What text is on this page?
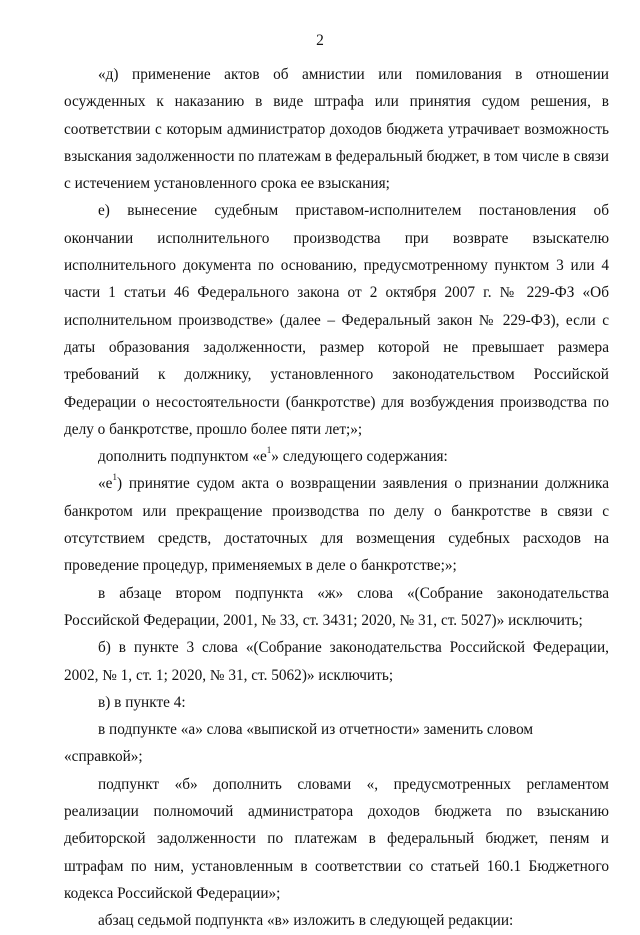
2

«д) применение актов об амнистии или помилования в отношении осужденных к наказанию в виде штрафа или принятия судом решения, в соответствии с которым администратор доходов бюджета утрачивает возможность взыскания задолженности по платежам в федеральный бюджет, в том числе в связи с истечением установленного срока ее взыскания;

е) вынесение судебным приставом-исполнителем постановления об окончании исполнительного производства при возврате взыскателю исполнительного документа по основанию, предусмотренному пунктом 3 или 4 части 1 статьи 46 Федерального закона от 2 октября 2007 г. № 229-ФЗ «Об исполнительном производстве» (далее – Федеральный закон № 229-ФЗ), если с даты образования задолженности, размер которой не превышает размера требований к должнику, установленного законодательством Российской Федерации о несостоятельности (банкротстве) для возбуждения производства по делу о банкротстве, прошло более пяти лет;»;

дополнить подпунктом «$е^1$» следующего содержания:

«$е^1$) принятие судом акта о возвращении заявления о признании должника банкротом или прекращение производства по делу о банкротстве в связи с отсутствием средств, достаточных для возмещения судебных расходов на проведение процедур, применяемых в деле о банкротстве;»;

в абзаце втором подпункта «ж» слова «(Собрание законодательства Российской Федерации, 2001, № 33, ст. 3431; 2020, № 31, ст. 5027)» исключить;

б) в пункте 3 слова «(Собрание законодательства Российской Федерации, 2002, № 1, ст. 1; 2020, № 31, ст. 5062)» исключить;

в) в пункте 4:

в подпункте «а» слова «выпиской из отчетности» заменить словом «справкой»;

подпункт «б» дополнить словами «, предусмотренных регламентом реализации полномочий администратора доходов бюджета по взысканию дебиторской задолженности по платежам в федеральный бюджет, пеням и штрафам по ним, установленным в соответствии со статьей 160.1 Бюджетного кодекса Российской Федерации»;

абзац седьмой подпункта «в» изложить в следующей редакции:
